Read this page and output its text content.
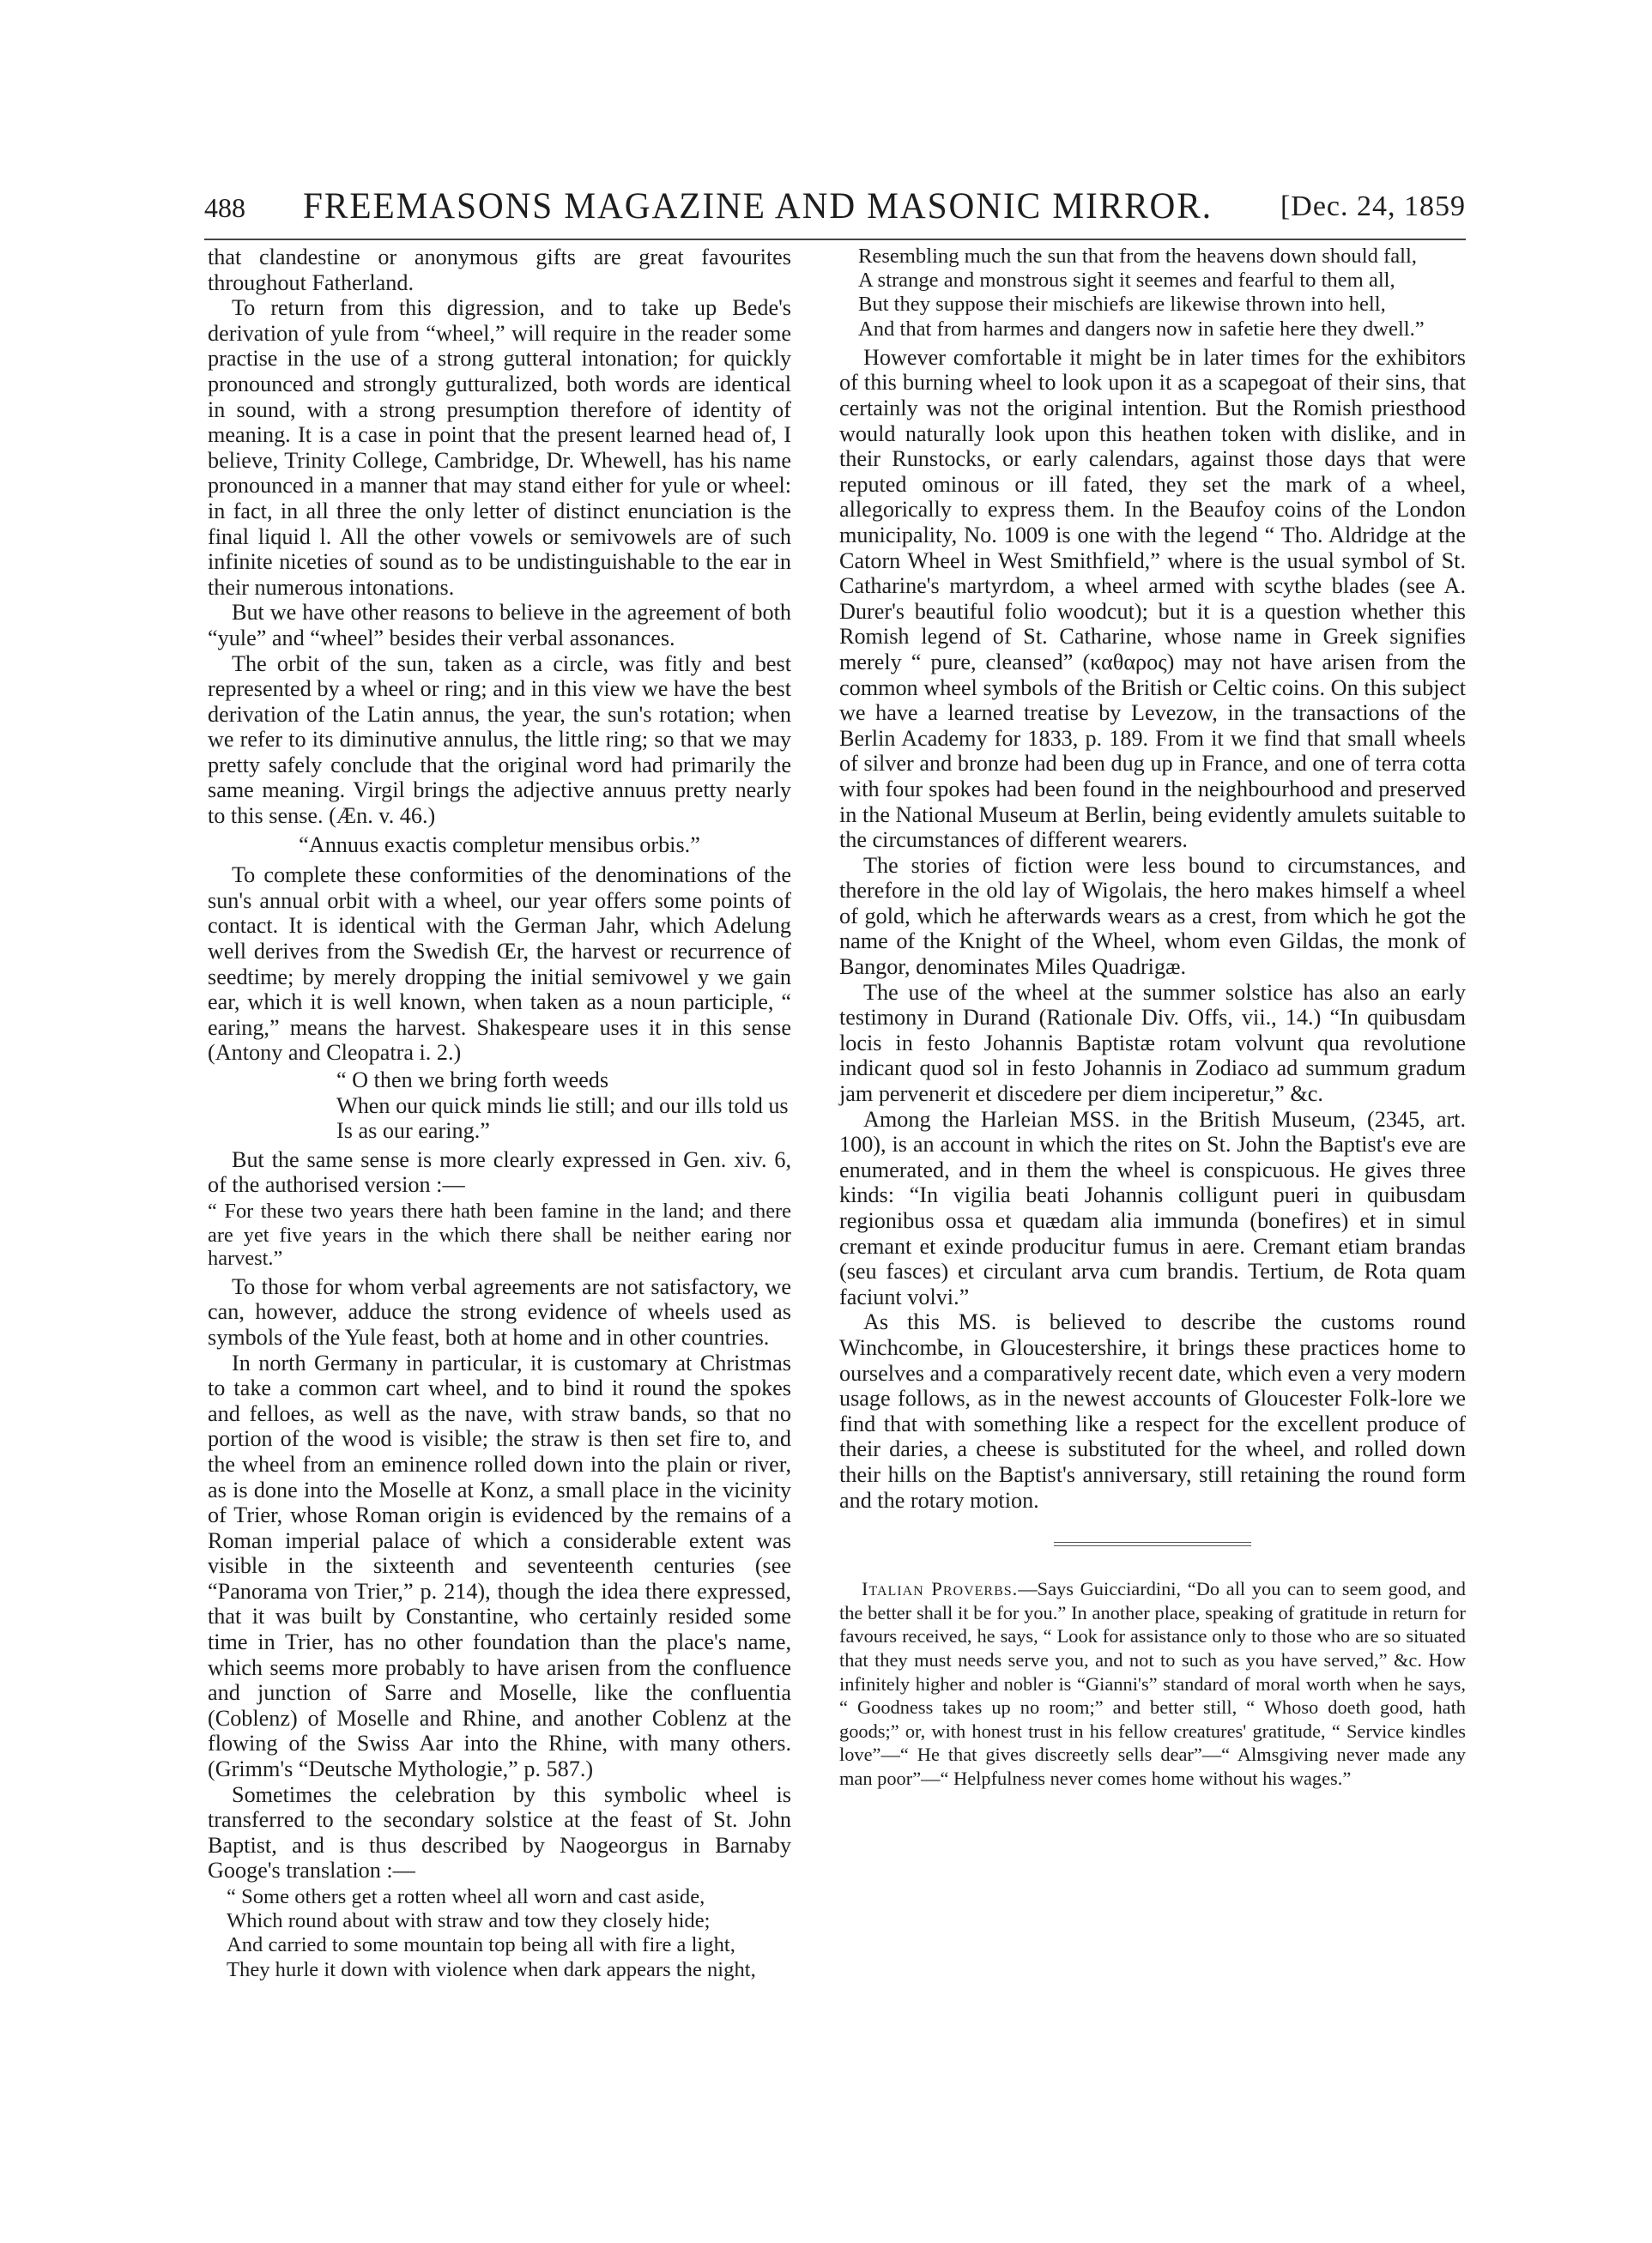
488 FREEMASONS MAGAZINE AND MASONIC MIRROR. [Dec. 24, 1859

that clandestine or anonymous gifts are great favourites throughout Fatherland.

To return from this digression, and to take up Bede's derivation of yule from “wheel,” will require in the reader some practise in the use of a strong gutteral intonation; for quickly pronounced and strongly gutturalized, both words are identical in sound, with a strong presumption therefore of identity of meaning. It is a case in point that the present learned head of, I believe, Trinity College, Cambridge, Dr. Whewell, has his name pronounced in a manner that may stand either for yule or wheel: in fact, in all three the only letter of distinct enunciation is the final liquid l. All the other vowels or semivowels are of such infinite niceties of sound as to be undistinguishable to the ear in their numerous intonations.

But we have other reasons to believe in the agreement of both “yule” and “wheel” besides their verbal assonances.

The orbit of the sun, taken as a circle, was fitly and best represented by a wheel or ring; and in this view we have the best derivation of the Latin annus, the year, the sun's rotation; when we refer to its diminutive annulus, the little ring; so that we may pretty safely conclude that the original word had primarily the same meaning. Virgil brings the adjective annuus pretty nearly to this sense. (Æn. v. 46.)

“Annuus exactis completur mensibus orbis.”

To complete these conformities of the denominations of the sun's annual orbit with a wheel, our year offers some points of contact. It is identical with the German Jahr, which Adelung well derives from the Swedish Œr, the harvest or recurrence of seedtime; by merely dropping the initial semivowel y we gain ear, which it is well known, when taken as a noun participle, “ earing,” means the harvest. Shakespeare uses it in this sense (Antony and Cleopatra i. 2.)

“ O then we bring forth weeds
When our quick minds lie still; and our ills told us
Is as our earing.”

But the same sense is more clearly expressed in Gen. xiv. 6, of the authorised version :—

“ For these two years there hath been famine in the land; and there are yet five years in the which there shall be neither earing nor harvest.”

To those for whom verbal agreements are not satisfactory, we can, however, adduce the strong evidence of wheels used as symbols of the Yule feast, both at home and in other countries.

In north Germany in particular, it is customary at Christmas to take a common cart wheel, and to bind it round the spokes and felloes, as well as the nave, with straw bands, so that no portion of the wood is visible; the straw is then set fire to, and the wheel from an eminence rolled down into the plain or river, as is done into the Moselle at Konz, a small place in the vicinity of Trier, whose Roman origin is evidenced by the remains of a Roman imperial palace of which a considerable extent was visible in the sixteenth and seventeenth centuries (see “Panorama von Trier,” p. 214), though the idea there expressed, that it was built by Constantine, who certainly resided some time in Trier, has no other foundation than the place's name, which seems more probably to have arisen from the confluence and junction of Sarre and Moselle, like the confluentia (Coblenz) of Moselle and Rhine, and another Coblenz at the flowing of the Swiss Aar into the Rhine, with many others. (Grimm's “Deutsche Mythologie,” p. 587.)

Sometimes the celebration by this symbolic wheel is transferred to the secondary solstice at the feast of St. John Baptist, and is thus described by Naogeorgus in Barnaby Googe's translation :—

“ Some others get a rotten wheel all worn and cast aside,
Which round about with straw and tow they closely hide;
And carried to some mountain top being all with fire a light,
They hurle it down with violence when dark appears the night,
Resembling much the sun that from the heavens down should fall,
A strange and monstrous sight it seemes and fearful to them all,
But they suppose their mischiefs are likewise thrown into hell,
And that from harmes and dangers now in safetie here they dwell.”

However comfortable it might be in later times for the exhibitors of this burning wheel to look upon it as a scapegoat of their sins, that certainly was not the original intention. But the Romish priesthood would naturally look upon this heathen token with dislike, and in their Runstocks, or early calendars, against those days that were reputed ominous or ill fated, they set the mark of a wheel, allegorically to express them. In the Beaufoy coins of the London municipality, No. 1009 is one with the legend “ Tho. Aldridge at the Catorn Wheel in West Smithfield,” where is the usual symbol of St. Catharine's martyrdom, a wheel armed with scythe blades (see A. Durer's beautiful folio woodcut); but it is a question whether this Romish legend of St. Catharine, whose name in Greek signifies merely “ pure, cleansed” (καθαρος) may not have arisen from the common wheel symbols of the British or Celtic coins. On this subject we have a learned treatise by Levezow, in the transactions of the Berlin Academy for 1833, p. 189. From it we find that small wheels of silver and bronze had been dug up in France, and one of terra cotta with four spokes had been found in the neighbourhood and preserved in the National Museum at Berlin, being evidently amulets suitable to the circumstances of different wearers.

The stories of fiction were less bound to circumstances, and therefore in the old lay of Wigolais, the hero makes himself a wheel of gold, which he afterwards wears as a crest, from which he got the name of the Knight of the Wheel, whom even Gildas, the monk of Bangor, denominates Miles Quadrigæ.

The use of the wheel at the summer solstice has also an early testimony in Durand (Rationale Div. Offs, vii., 14.) “In quibusdam locis in festo Johannis Baptistæ rotam volvunt qua revolutione indicant quod sol in festo Johannis in Zodiaco ad summum gradum jam pervenerit et discedere per diem inciperetur,” &c.

Among the Harleian MSS. in the British Museum, (2345, art. 100), is an account in which the rites on St. John the Baptist's eve are enumerated, and in them the wheel is conspicuous. He gives three kinds: “In vigilia beati Johannis colligunt pueri in quibusdam regionibus ossa et quædam alia immunda (bonefires) et in simul cremant et exinde producitur fumus in aere. Cremant etiam brandas (seu fasces) et circulant arva cum brandis. Tertium, de Rota quam faciunt volvi.”

As this MS. is believed to describe the customs round Winchcombe, in Gloucestershire, it brings these practices home to ourselves and a comparatively recent date, which even a very modern usage follows, as in the newest accounts of Gloucester Folk-lore we find that with something like a respect for the excellent produce of their daries, a cheese is substituted for the wheel, and rolled down their hills on the Baptist's anniversary, still retaining the round form and the rotary motion.

Italian Proverbs.—Says Guicciardini, “Do all you can to seem good, and the better shall it be for you.” In another place, speaking of gratitude in return for favours received, he says, “ Look for assistance only to those who are so situated that they must needs serve you, and not to such as you have served,” &c. How infinitely higher and nobler is “Gianni's” standard of moral worth when he says, “ Goodness takes up no room;” and better still, “ Whoso doeth good, hath goods;” or, with honest trust in his fellow creatures' gratitude, “ Service kindles love”—“ He that gives discreetly sells dear”—“ Almsgiving never made any man poor”—“ Helpfulness never comes home without his wages.”
